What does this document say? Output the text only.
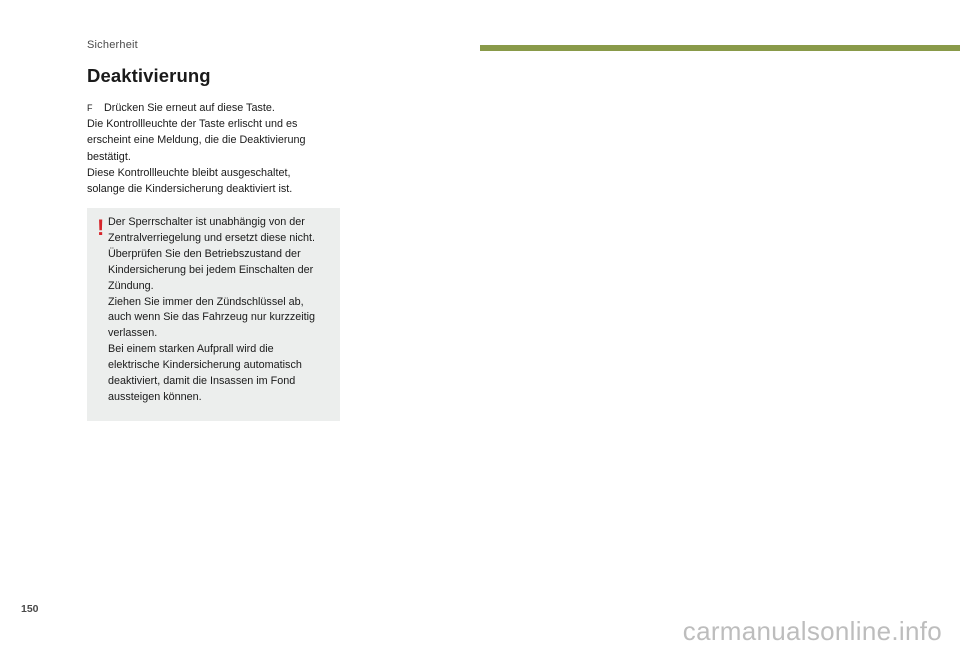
Sicherheit
Deaktivierung
F Drücken Sie erneut auf diese Taste.
Die Kontrollleuchte der Taste erlischt und es
erscheint eine Meldung, die die Deaktivierung
bestätigt.
Diese Kontrollleuchte bleibt ausgeschaltet,
solange die Kindersicherung deaktiviert ist.
! Der Sperrschalter ist unabhängig von der
Zentralverriegelung und ersetzt diese nicht.
Überprüfen Sie den Betriebszustand der
Kindersicherung bei jedem Einschalten der
Zündung.
Ziehen Sie immer den Zündschlüssel ab,
auch wenn Sie das Fahrzeug nur kurzzeitig
verlassen.
Bei einem starken Aufprall wird die
elektrische Kindersicherung automatisch
deaktiviert, damit die Insassen im Fond
aussteigen können.
150
carmanualsonline.info
